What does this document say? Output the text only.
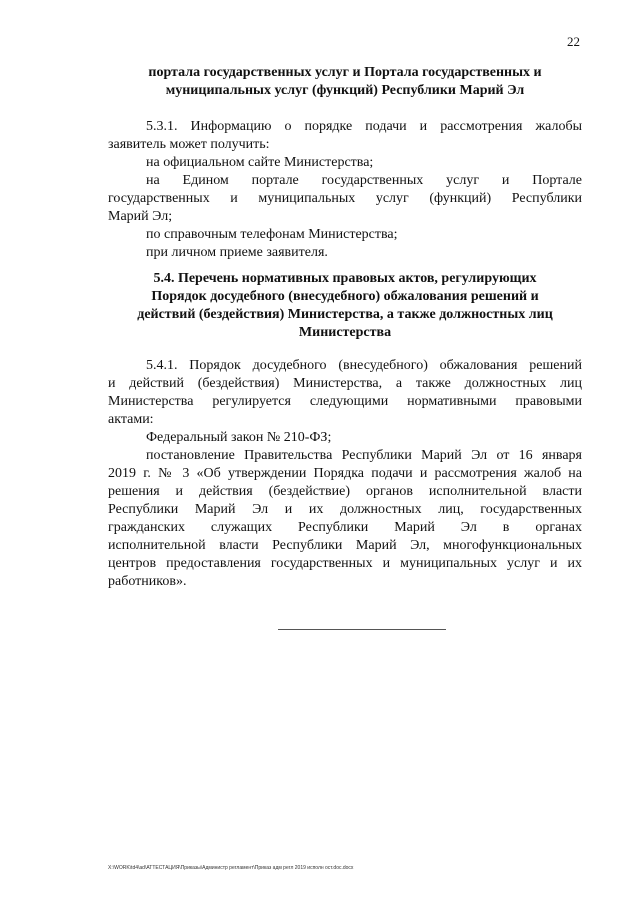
22
портала государственных услуг и Портала государственных и
муниципальных услуг (функций) Республики Марий Эл
5.3.1. Информацию о порядке подачи и рассмотрения жалобы
заявитель может получить:
на официальном сайте Министерства;
на Едином портале государственных услуг и Портале
государственных и муниципальных услуг (функций) Республики
Марий Эл;
по справочным телефонам Министерства;
при личном приеме заявителя.
5.4. Перечень нормативных правовых актов, регулирующих
Порядок досудебного (внесудебного) обжалования решений и
действий (бездействия) Министерства, а также должностных лиц
Министерства
5.4.1. Порядок досудебного (внесудебного) обжалования решений
и действий (бездействия) Министерства, а также должностных лиц
Министерства регулируется следующими нормативными правовыми
актами:
Федеральный закон № 210-ФЗ;
постановление Правительства Республики Марий Эл от 16 января
2019 г. № 3 «Об утверждении Порядка подачи и рассмотрения жалоб на
решения и действия (бездействие) органов исполнительной власти
Республики Марий Эл и их должностных лиц, государственных
гражданских служащих Республики Марий Эл в органах
исполнительной власти Республики Марий Эл, многофункциональных
центров предоставления государственных и муниципальных услуг и их
работников».
X:\WORK\td4\ad\АТТЕСТАЦИЯ\Приказы\Администр регламент\Приказ адм регл 2019 исполн ост.doc.docx
